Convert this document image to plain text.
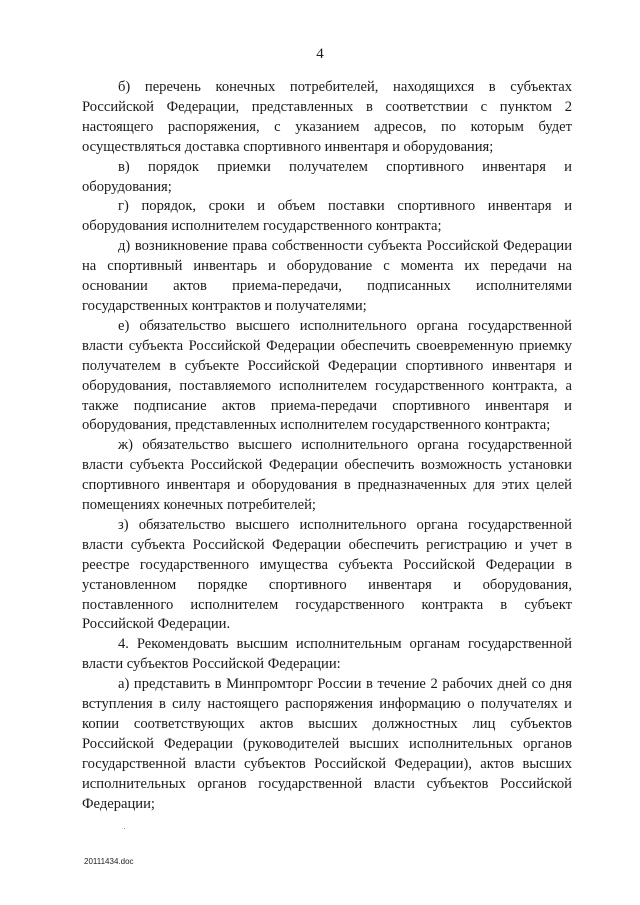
4

б) перечень конечных потребителей, находящихся в субъектах Российской Федерации, представленных в соответствии с пунктом 2 настоящего распоряжения, с указанием адресов, по которым будет осуществляться доставка спортивного инвентаря и оборудования;

в) порядок приемки получателем спортивного инвентаря и оборудования;

г) порядок, сроки и объем поставки спортивного инвентаря и оборудования исполнителем государственного контракта;

д) возникновение права собственности субъекта Российской Федерации на спортивный инвентарь и оборудование с момента их передачи на основании актов приема-передачи, подписанных исполнителями государственных контрактов и получателями;

е) обязательство высшего исполнительного органа государственной власти субъекта Российской Федерации обеспечить своевременную приемку получателем в субъекте Российской Федерации спортивного инвентаря и оборудования, поставляемого исполнителем государственного контракта, а также подписание актов приема-передачи спортивного инвентаря и оборудования, представленных исполнителем государственного контракта;

ж) обязательство высшего исполнительного органа государственной власти субъекта Российской Федерации обеспечить возможность установки спортивного инвентаря и оборудования в предназначенных для этих целей помещениях конечных потребителей;

з) обязательство высшего исполнительного органа государственной власти субъекта Российской Федерации обеспечить регистрацию и учет в реестре государственного имущества субъекта Российской Федерации в установленном порядке спортивного инвентаря и оборудования, поставленного исполнителем государственного контракта в субъект Российской Федерации.

4. Рекомендовать высшим исполнительным органам государственной власти субъектов Российской Федерации:

а) представить в Минпромторг России в течение 2 рабочих дней со дня вступления в силу настоящего распоряжения информацию о получателях и копии соответствующих актов высших должностных лиц субъектов Российской Федерации (руководителей высших исполнительных органов государственной власти субъектов Российской Федерации), актов высших исполнительных органов государственной власти субъектов Российской Федерации;

20111434.doc
